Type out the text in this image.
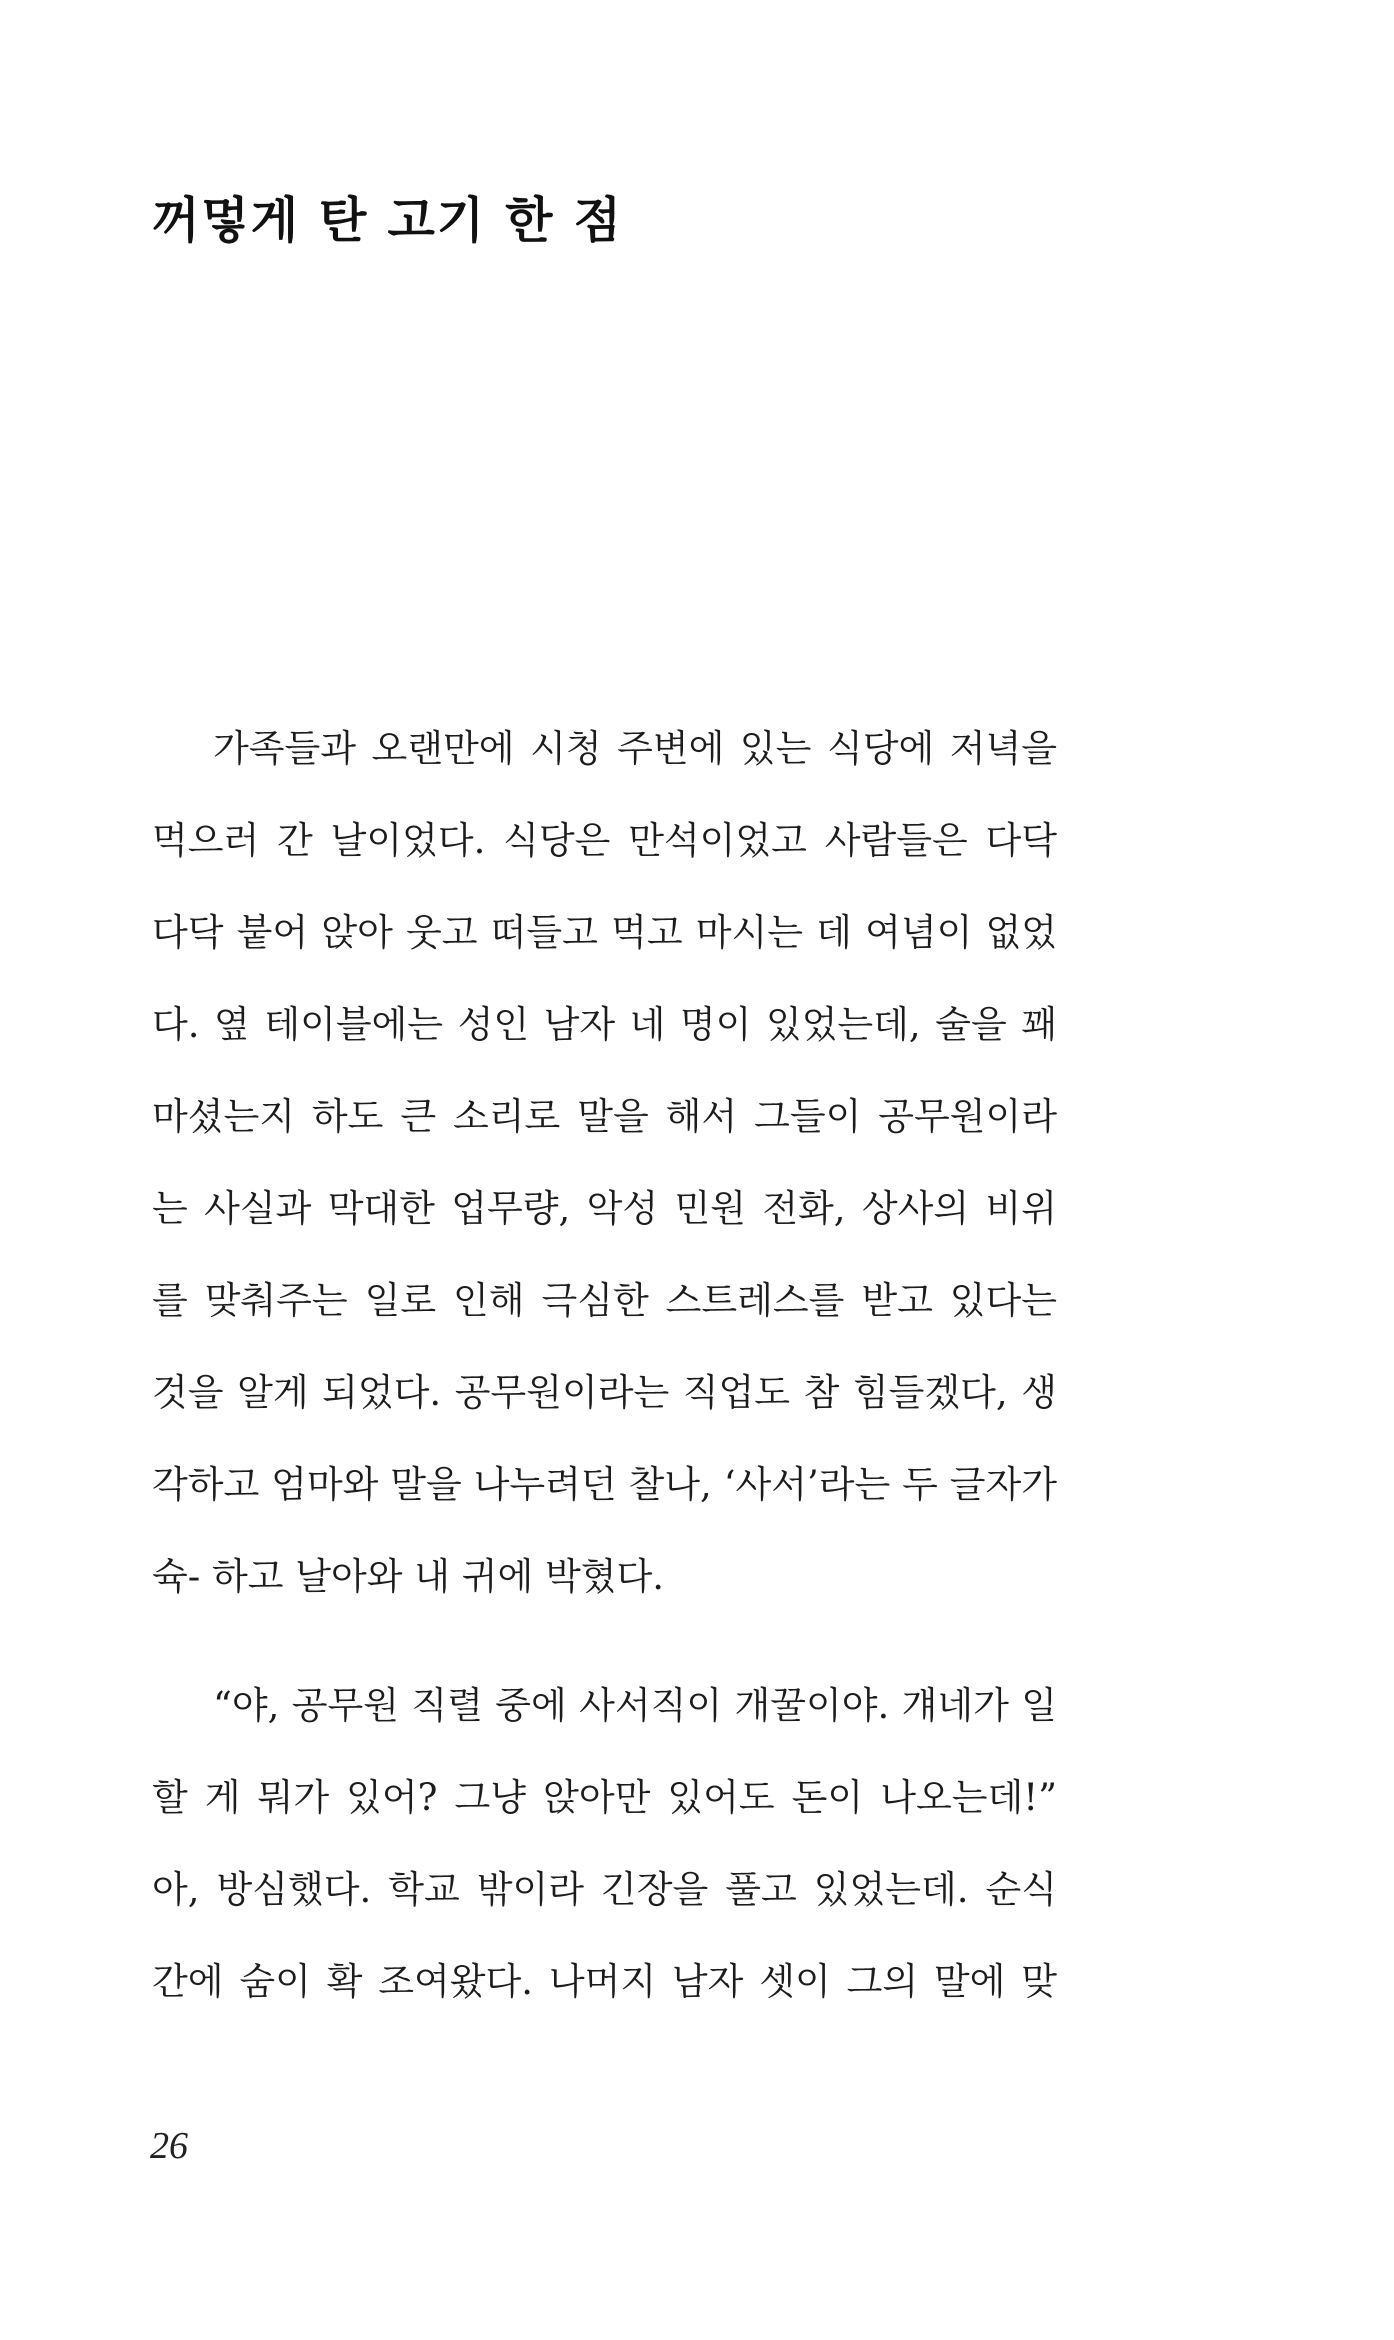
꺼멓게 탄 고기 한 점
가족들과 오랜만에 시청 주변에 있는 식당에 저녁을
먹으러 간 날이었다. 식당은 만석이었고 사람들은 다닥
다닥 붙어 앉아 웃고 떠들고 먹고 마시는 데 여념이 없었
다. 옆 테이블에는 성인 남자 네 명이 있었는데, 술을 꽤
마셨는지 하도 큰 소리로 말을 해서 그들이 공무원이라
는 사실과 막대한 업무량, 악성 민원 전화, 상사의 비위
를 맞춰주는 일로 인해 극심한 스트레스를 받고 있다는
것을 알게 되었다. 공무원이라는 직업도 참 힘들겠다, 생
각하고 엄마와 말을 나누려던 찰나, ‘사서’라는 두 글자가
슉- 하고 날아와 내 귀에 박혔다.
“야, 공무원 직렬 중에 사서직이 개꿀이야. 걔네가 일
할 게 뭐가 있어? 그냥 앉아만 있어도 돈이 나오는데!”
아, 방심했다. 학교 밖이라 긴장을 풀고 있었는데. 순식
간에 숨이 확 조여왔다. 나머지 남자 셋이 그의 말에 맞

26
